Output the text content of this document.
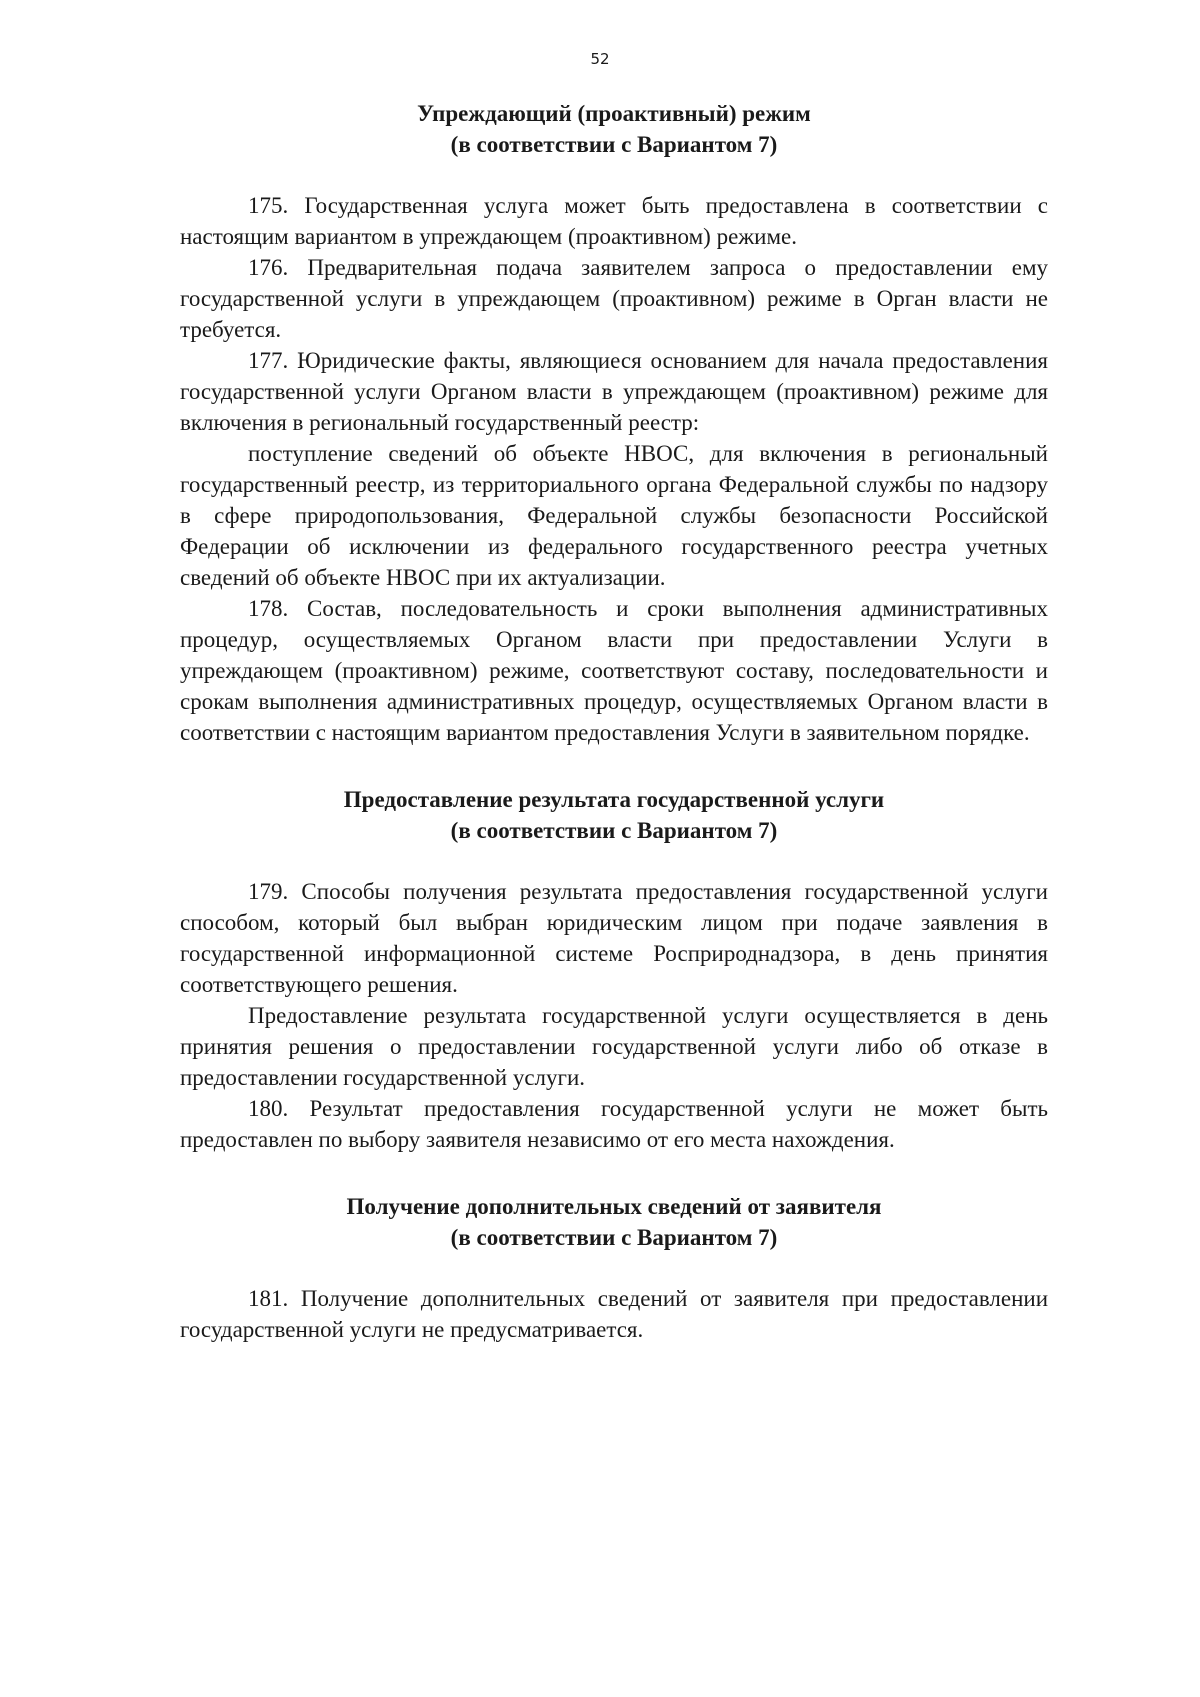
52
Упреждающий (проактивный) режим
(в соответствии с Вариантом 7)

175. Государственная услуга может быть предоставлена в соответствии с настоящим вариантом в упреждающем (проактивном) режиме.

176. Предварительная подача заявителем запроса о предоставлении ему государственной услуги в упреждающем (проактивном) режиме в Орган власти не требуется.

177. Юридические факты, являющиеся основанием для начала предоставления государственной услуги Органом власти в упреждающем (проактивном) режиме для включения в региональный государственный реестр:

поступление сведений об объекте НВОС, для включения в региональный государственный реестр, из территориального органа Федеральной службы по надзору в сфере природопользования, Федеральной службы безопасности Российской Федерации об исключении из федерального государственного реестра учетных сведений об объекте НВОС при их актуализации.

178. Состав, последовательность и сроки выполнения административных процедур, осуществляемых Органом власти при предоставлении Услуги в упреждающем (проактивном) режиме, соответствуют составу, последовательности и срокам выполнения административных процедур, осуществляемых Органом власти в соответствии с настоящим вариантом предоставления Услуги в заявительном порядке.

Предоставление результата государственной услуги
(в соответствии с Вариантом 7)

179. Способы получения результата предоставления государственной услуги способом, который был выбран юридическим лицом при подаче заявления в государственной информационной системе Росприроднадзора, в день принятия соответствующего решения.

Предоставление результата государственной услуги осуществляется в день принятия решения о предоставлении государственной услуги либо об отказе в предоставлении государственной услуги.

180. Результат предоставления государственной услуги не может быть предоставлен по выбору заявителя независимо от его места нахождения.

Получение дополнительных сведений от заявителя
(в соответствии с Вариантом 7)

181. Получение дополнительных сведений от заявителя при предоставлении государственной услуги не предусматривается.
